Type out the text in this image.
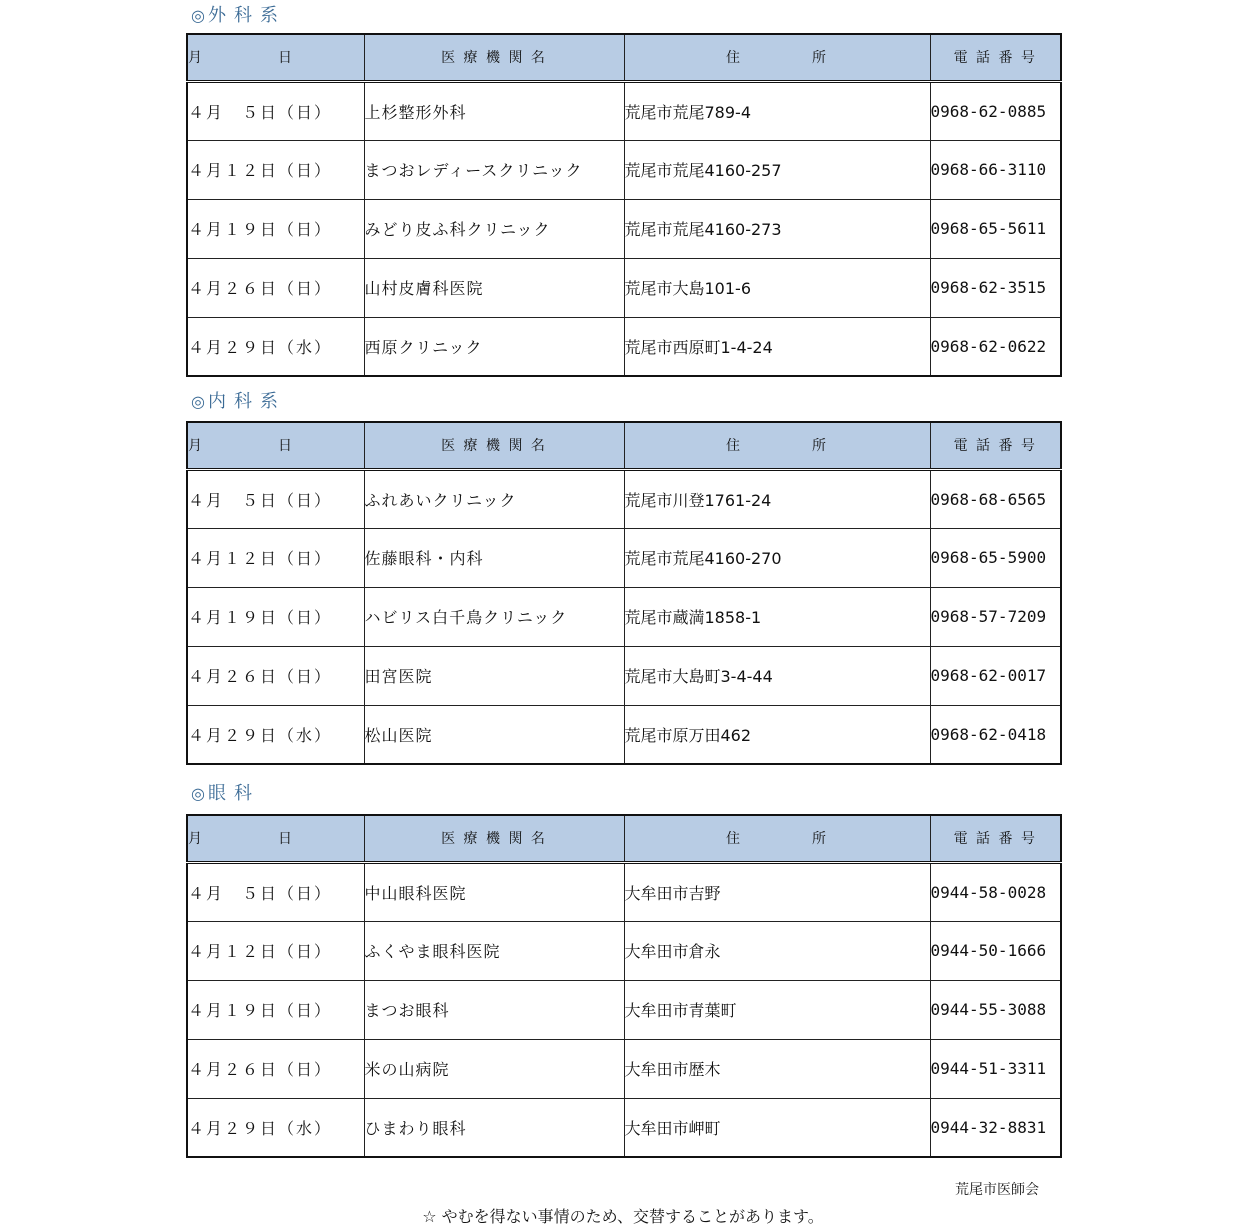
◎ 外科系
月 日	医 療 機 関 名	住 所	電 話 番 号
４月　５日（日）	上杉整形外科	荒尾市荒尾789-4	0968-62-0885
４月１２日（日）	まつおレディースクリニック	荒尾市荒尾4160-257	0968-66-3110
４月１９日（日）	みどり皮ふ科クリニック	荒尾市荒尾4160-273	0968-65-5611
４月２６日（日）	山村皮膚科医院	荒尾市大島101-6	0968-62-3515
４月２９日（水）	西原クリニック	荒尾市西原町1-4-24	0968-62-0622
◎ 内科系
月 日	医 療 機 関 名	住 所	電 話 番 号
４月　５日（日）	ふれあいクリニック	荒尾市川登1761-24	0968-68-6565
４月１２日（日）	佐藤眼科・内科	荒尾市荒尾4160-270	0968-65-5900
４月１９日（日）	ハビリス白千鳥クリニック	荒尾市蔵満1858-1	0968-57-7209
４月２６日（日）	田宮医院	荒尾市大島町3-4-44	0968-62-0017
４月２９日（水）	松山医院	荒尾市原万田462	0968-62-0418
◎ 眼科
月 日	医 療 機 関 名	住 所	電 話 番 号
４月　５日（日）	中山眼科医院	大牟田市吉野	0944-58-0028
４月１２日（日）	ふくやま眼科医院	大牟田市倉永	0944-50-1666
４月１９日（日）	まつお眼科	大牟田市青葉町	0944-55-3088
４月２６日（日）	米の山病院	大牟田市歴木	0944-51-3311
４月２９日（水）	ひまわり眼科	大牟田市岬町	0944-32-8831
荒尾市医師会
☆ やむを得ない事情のため、交替することがあります。
